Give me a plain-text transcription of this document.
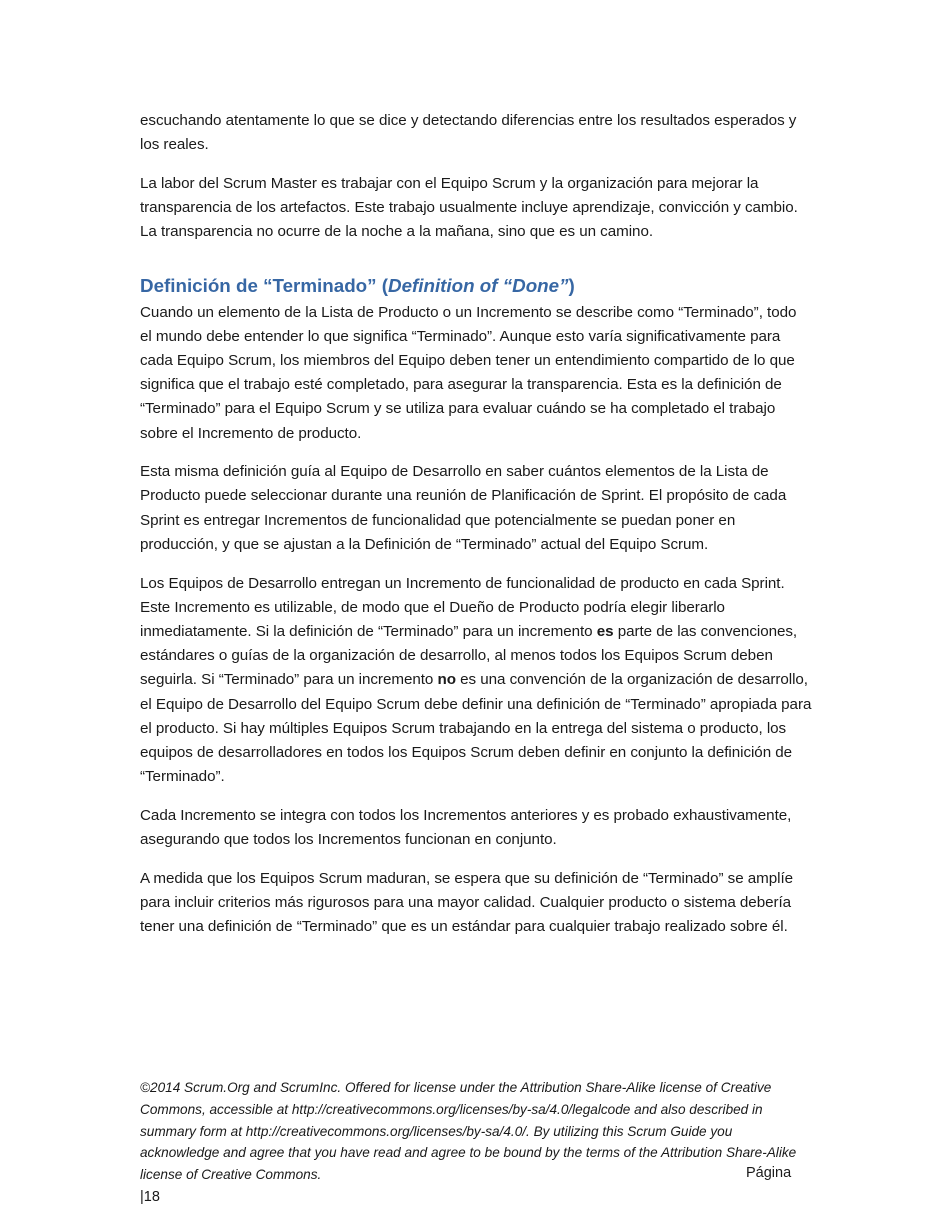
escuchando atentamente lo que se dice y detectando diferencias entre los resultados esperados y los reales.

La labor del Scrum Master es trabajar con el Equipo Scrum y la organización para mejorar la transparencia de los artefactos. Este trabajo usualmente incluye aprendizaje, convicción y cambio. La transparencia no ocurre de la noche a la mañana, sino que es un camino.

Definición de “Terminado” (Definition of “Done”)

Cuando un elemento de la Lista de Producto o un Incremento se describe como “Terminado”, todo el mundo debe entender lo que significa “Terminado”. Aunque esto varía significativamente para cada Equipo Scrum, los miembros del Equipo deben tener un entendimiento compartido de lo que significa que el trabajo esté completado, para asegurar la transparencia. Esta es la definición de “Terminado” para el Equipo Scrum y se utiliza para evaluar cuándo se ha completado el trabajo sobre el Incremento de producto.

Esta misma definición guía al Equipo de Desarrollo en saber cuántos elementos de la Lista de Producto puede seleccionar durante una reunión de Planificación de Sprint. El propósito de cada Sprint es entregar Incrementos de funcionalidad que potencialmente se puedan poner en producción, y que se ajustan a la Definición de “Terminado” actual del Equipo Scrum.

Los Equipos de Desarrollo entregan un Incremento de funcionalidad de producto en cada Sprint. Este Incremento es utilizable, de modo que el Dueño de Producto podría elegir liberarlo inmediatamente. Si la definición de “Terminado” para un incremento es parte de las convenciones, estándares o guías de la organización de desarrollo, al menos todos los Equipos Scrum deben seguirla. Si “Terminado” para un incremento no es una convención de la organización de desarrollo, el Equipo de Desarrollo del Equipo Scrum debe definir una definición de “Terminado” apropiada para el producto. Si hay múltiples Equipos Scrum trabajando en la entrega del sistema o producto, los equipos de desarrolladores en todos los Equipos Scrum deben definir en conjunto la definición de “Terminado”.

Cada Incremento se integra con todos los Incrementos anteriores y es probado exhaustivamente, asegurando que todos los Incrementos funcionan en conjunto.

A medida que los Equipos Scrum maduran, se espera que su definición de “Terminado” se amplíe para incluir criterios más rigurosos para una mayor calidad. Cualquier producto o sistema debería tener una definición de “Terminado” que es un estándar para cualquier trabajo realizado sobre él.

©2014 Scrum.Org and ScrumInc. Offered for license under the Attribution Share-Alike license of Creative Commons, accessible at http://creativecommons.org/licenses/by-sa/4.0/legalcode and also described in summary form at http://creativecommons.org/licenses/by-sa/4.0/. By utilizing this Scrum Guide you acknowledge and agree that you have read and agree to be bound by the terms of the Attribution Share-Alike license of Creative Commons.	Página
|18
